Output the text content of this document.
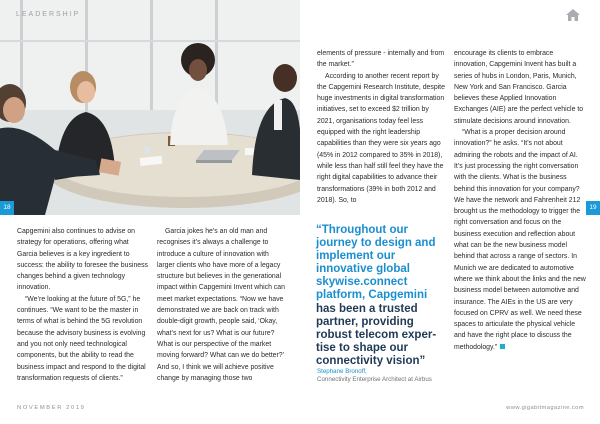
LEADERSHIP
18	19

Capgemini also continues to advise on strategy for operations, offering what Garcia believes is a key ingredient to success: the ability to foresee the business changes behind a given technology innovation.

“We’re looking at the future of 5G,” he continues. “We want to be the master in terms of what is behind the 5G revolution because the advisory business is evolving and you not only need technological components, but the ability to read the business impact and respond to the digital transformation requests of clients.”

Garcia jokes he’s an old man and recognises it’s always a challenge to introduce a culture of innovation with larger clients who have more of a legacy structure but believes in the generational impact within Capgemini Invent which can meet market expectations. “Now we have demonstrated we are back on track with double-digit growth, people said, ‘Okay, what’s next for us? What is our future? What is our perspective of the market moving forward? What can we do better?’ And so, I think we will achieve positive change by managing those two

elements of pressure - internally and from the market.”

According to another recent report by the Capgemini Research Institute, despite huge investments in digital transformation initiatives, set to exceed $2 trillion by 2021, organisations today feel less equipped with the right leadership capabilities than they were six years ago (45% in 2012 compared to 35% in 2018), while less than half still feel they have the right digital capabilities to advance their transformations (39% in both 2012 and 2018). So, to

encourage its clients to embrace innovation, Capgemini Invent has built a series of hubs in London, Paris, Munich, New York and San Francisco. Garcia believes these Applied Innovation Exchanges (AIE) are the perfect vehicle to stimulate decisions around innovation.

“What is a proper decision around innovation?” he asks. “It’s not about admiring the robots and the impact of AI. It’s just processing the right conversation with the clients. What is the business behind this innovation for your company? We have the network and Fahrenheit 212 brought us the methodology to trigger the right conversation and focus on the business execution and reflection about what can be the new business model behind that across a range of sectors. In Munich we are dedicated to automotive where we think about the links and the new business model between automotive and insurance. The AIEs in the US are very focused on CPRV as well. We need these spaces to articulate the physical vehicle and have the right place to discuss the methodology.”

“Throughout our journey to design and implement our innovative global skywise.connect platform, Capgemini has been a trusted partner, providing robust telecom expertise to shape our connectivity vision”
Stephane Bronoff,
Connectivity Enterprise Architect at Airbus
NOVEMBER 2019	www.gigabitmagazine.com
